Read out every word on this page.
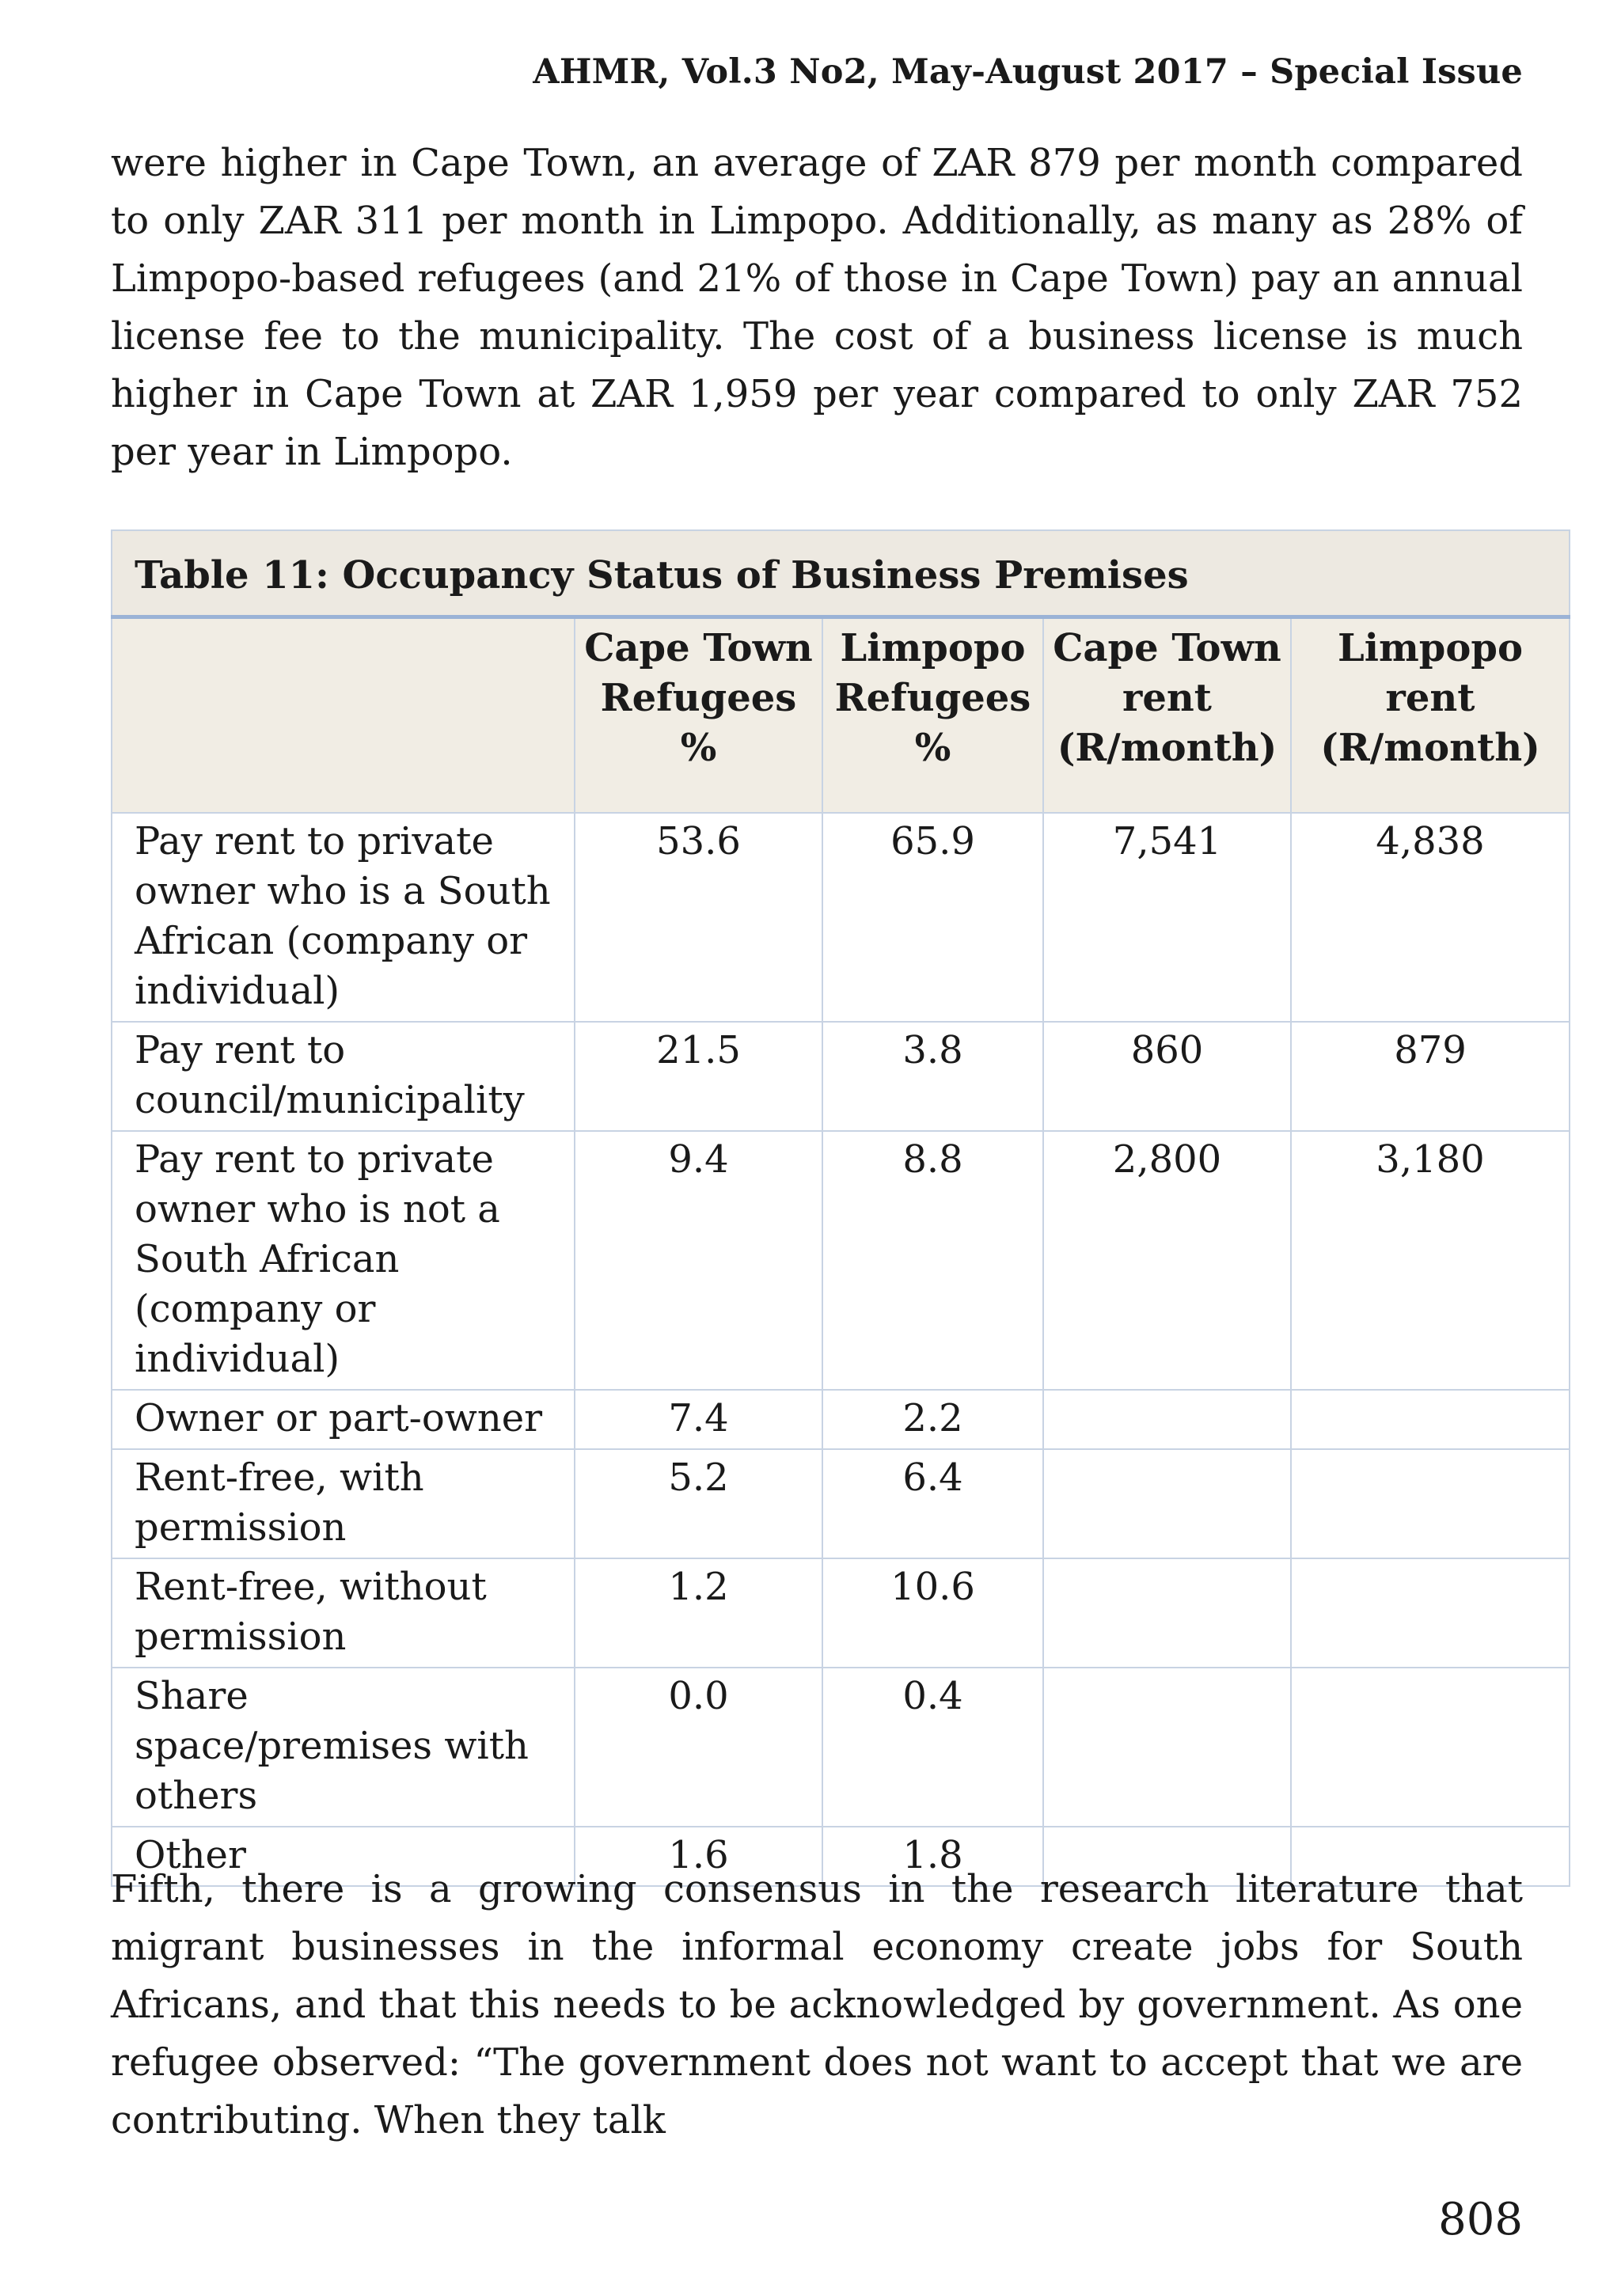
AHMR, Vol.3 No2, May-August 2017 – Special Issue

were higher in Cape Town, an average of ZAR 879 per month compared to only ZAR 311 per month in Limpopo. Additionally, as many as 28% of Limpopo-based refugees (and 21% of those in Cape Town) pay an annual license fee to the municipality. The cost of a business license is much higher in Cape Town at ZAR 1,959 per year compared to only ZAR 752 per year in Limpopo.

Table 11: Occupancy Status of Business Premises				
	Cape Town Refugees %	Limpopo Refugees %	Cape Town rent (R/month)	Limpopo rent (R/month)
Pay rent to private owner who is a South African (company or individual)	53.6	65.9	7,541	4,838
Pay rent to council/municipality	21.5	3.8	860	879
Pay rent to private owner who is not a South African (company or individual)	9.4	8.8	2,800	3,180
Owner or part-owner	7.4	2.2		
Rent-free, with permission	5.2	6.4		
Rent-free, without permission	1.2	10.6		
Share space/premises with others	0.0	0.4		
Other	1.6	1.8		

Fifth, there is a growing consensus in the research literature that migrant businesses in the informal economy create jobs for South Africans, and that this needs to be acknowledged by government. As one refugee observed: “The government does not want to accept that we are contributing. When they talk

808
